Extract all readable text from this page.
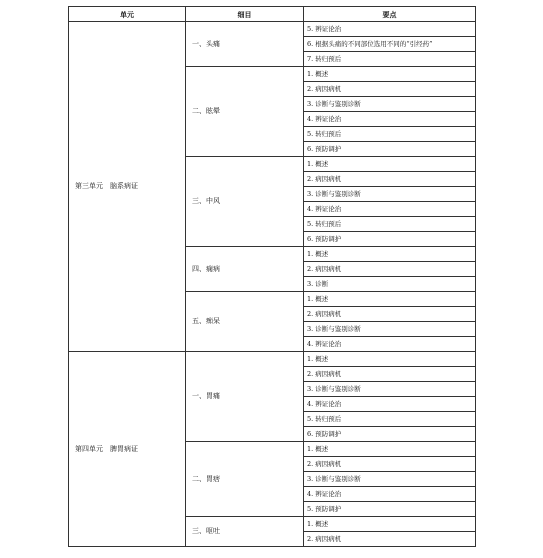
单元	细目	要点
第三单元　脑系病证	一、头痛	5. 辨证论治
		6. 根据头痛的不同部位选用不同的“引经药”
		7. 转归预后
	二、眩晕	1. 概述
		2. 病因病机
		3. 诊断与鉴别诊断
		4. 辨证论治
		5. 转归预后
		6. 预防调护
	三、中风	1. 概述
		2. 病因病机
		3. 诊断与鉴别诊断
		4. 辨证论治
		5. 转归预后
		6. 预防调护
	四、痫病	1. 概述
		2. 病因病机
		3. 诊断
	五、痴呆	1. 概述
		2. 病因病机
		3. 诊断与鉴别诊断
		4. 辨证论治
第四单元　脾胃病证	一、胃痛	1. 概述
		2. 病因病机
		3. 诊断与鉴别诊断
		4. 辨证论治
		5. 转归预后
		6. 预防调护
	二、胃痞	1. 概述
		2. 病因病机
		3. 诊断与鉴别诊断
		4. 辨证论治
		5. 预防调护
	三、呕吐	1. 概述
		2. 病因病机
